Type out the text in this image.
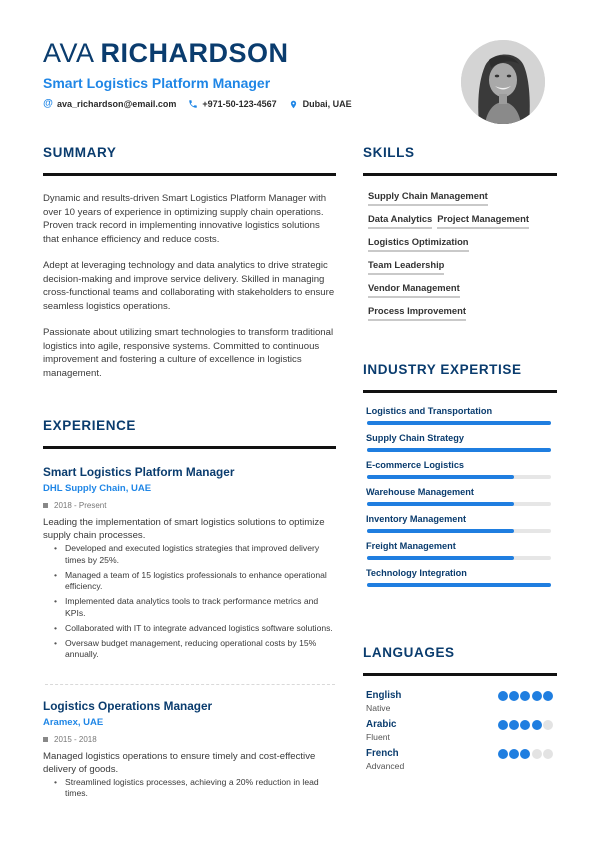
AVA RICHARDSON
Smart Logistics Platform Manager
@ ava_richardson@email.com	+971-50-123-4567	Dubai, UAE
SUMMARY

Dynamic and results-driven Smart Logistics Platform Manager with over 10 years of experience in optimizing supply chain operations. Proven track record in implementing innovative logistics solutions that enhance efficiency and reduce costs.

Adept at leveraging technology and data analytics to drive strategic decision-making and improve service delivery. Skilled in managing cross-functional teams and collaborating with stakeholders to ensure seamless logistics operations.

Passionate about utilizing smart technologies to transform traditional logistics into agile, responsive systems. Committed to continuous improvement and fostering a culture of excellence in logistics management.

EXPERIENCE
Smart Logistics Platform Manager
DHL Supply Chain, UAE
2018 - Present
Leading the implementation of smart logistics solutions to optimize supply chain processes.
• Developed and executed logistics strategies that improved delivery times by 25%.
• Managed a team of 15 logistics professionals to enhance operational efficiency.
• Implemented data analytics tools to track performance metrics and KPIs.
• Collaborated with IT to integrate advanced logistics software solutions.
• Oversaw budget management, reducing operational costs by 15% annually.
Logistics Operations Manager
Aramex, UAE
2015 - 2018
Managed logistics operations to ensure timely and cost-effective delivery of goods.
• Streamlined logistics processes, achieving a 20% reduction in lead times.
SKILLS
Supply Chain Management
Data Analytics Project Management
Logistics Optimization
Team Leadership
Vendor Management
Process Improvement
INDUSTRY EXPERTISE
Logistics and Transportation
Supply Chain Strategy
E-commerce Logistics
Warehouse Management
Inventory Management
Freight Management
Technology Integration
LANGUAGES
English
Native
Arabic
Fluent
French
Advanced
